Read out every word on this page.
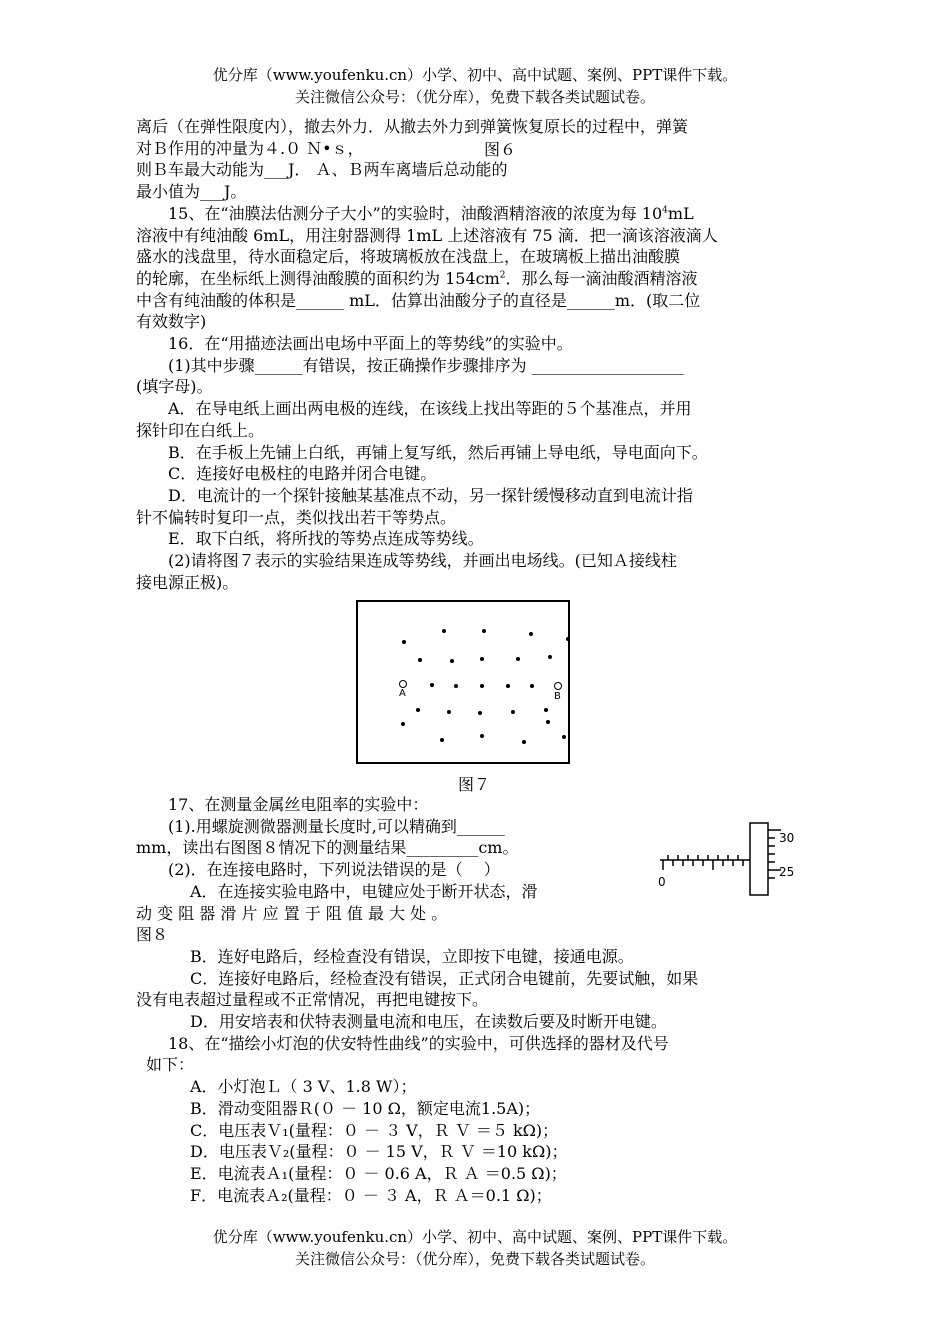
优分库（www.youfenku.cn）小学、初中、高中试题、案例、PPT课件下载。
关注微信公众号：（优分库），免费下载各类试题试卷。

离后（在弹性限度内），撤去外力．从撤去外力到弹簧恢复原长的过程中，弹簧

对Ｂ作用的冲量为４.０ Ｎ•ｓ，

则Ｂ车最大动能为___J． Ａ、Ｂ两车离墙后总动能的

最小值为___J。

15、在“油膜法估测分子大小”的实验时，油酸酒精溶液的浓度为每 $10^4mL$

溶液中有纯油酸 6mL，用注射器测得 1mL 上述溶液有 75 滴．把一滴该溶液滴人

盛水的浅盘里，待水面稳定后，将玻璃板放在浅盘上，在玻璃板上描出油酸膜

的轮廓，在坐标纸上测得油酸膜的面积约为 $154cm^2$．那么每一滴油酸酒精溶液

中含有纯油酸的体积是______ mL．估算出油酸分子的直径是______m．(取二位

有效数字)

16．在“用描迹法画出电场中平面上的等势线”的实验中。

(1)其中步骤______有错误，按正确操作步骤排序为 ___________________

(填字母)。

A．在导电纸上画出两电极的连线，在该线上找出等距的５个基准点，并用

探针印在白纸上。

B．在手板上先铺上白纸，再铺上复写纸，然后再铺上导电纸，导电面向下。

C．连接好电极柱的电路并闭合电键。

D．电流计的一个探针接触某基准点不动，另一探针缓慢移动直到电流计指

针不偏转时复印一点，类似找出若干等势点。

E．取下白纸，将所找的等势点连成等势线。

(2)请将图７表示的实验结果连成等势线，并画出电场线。(已知Ａ接线柱

接电源正极)。

图６
A	B
图７

17、在测量金属丝电阻率的实验中：

(1).用螺旋测微器测量长度时,可以精确到______

mm，读出右图图８情况下的测量结果_________cm。

(2)．在连接电路时，下列说法错误的是（　 ）

A．在连接实验电路中，电键应处于断开状态，滑

动 变 阻 器 滑 片 应 置 于 阻 值 最 大 处 。

图８

B．连好电路后，经检查没有错误，立即按下电键，接通电源。

C．连接好电路后，经检查没有错误，正式闭合电键前，先要试触，如果

没有电表超过量程或不正常情况，再把电键按下。

D．用安培表和伏特表测量电流和电压，在读数后要及时断开电键。

18、在“描绘小灯泡的伏安特性曲线”的实验中，可供选择的器材及代号

如下：

A．小灯泡Ｌ（ 3 V、1.8 W）；

B．滑动变阻器Ｒ(０ － 10 Ω，额定电流1.5A)；

C．电压表Ｖ₁(量程：０ － ３ V，Ｒ Ｖ ＝５ kΩ)；

D．电压表Ｖ₂(量程：０ － 15 V，Ｒ Ｖ ＝10 kΩ)；

E．电流表Ａ₁(量程：０ － 0.6 A，Ｒ Ａ ＝0.5 Ω)；

F．电流表Ａ₂(量程：０ － ３ A，Ｒ Ａ＝0.1 Ω)；

30
25
0
优分库（www.youfenku.cn）小学、初中、高中试题、案例、PPT课件下载。
关注微信公众号：（优分库），免费下载各类试题试卷。
